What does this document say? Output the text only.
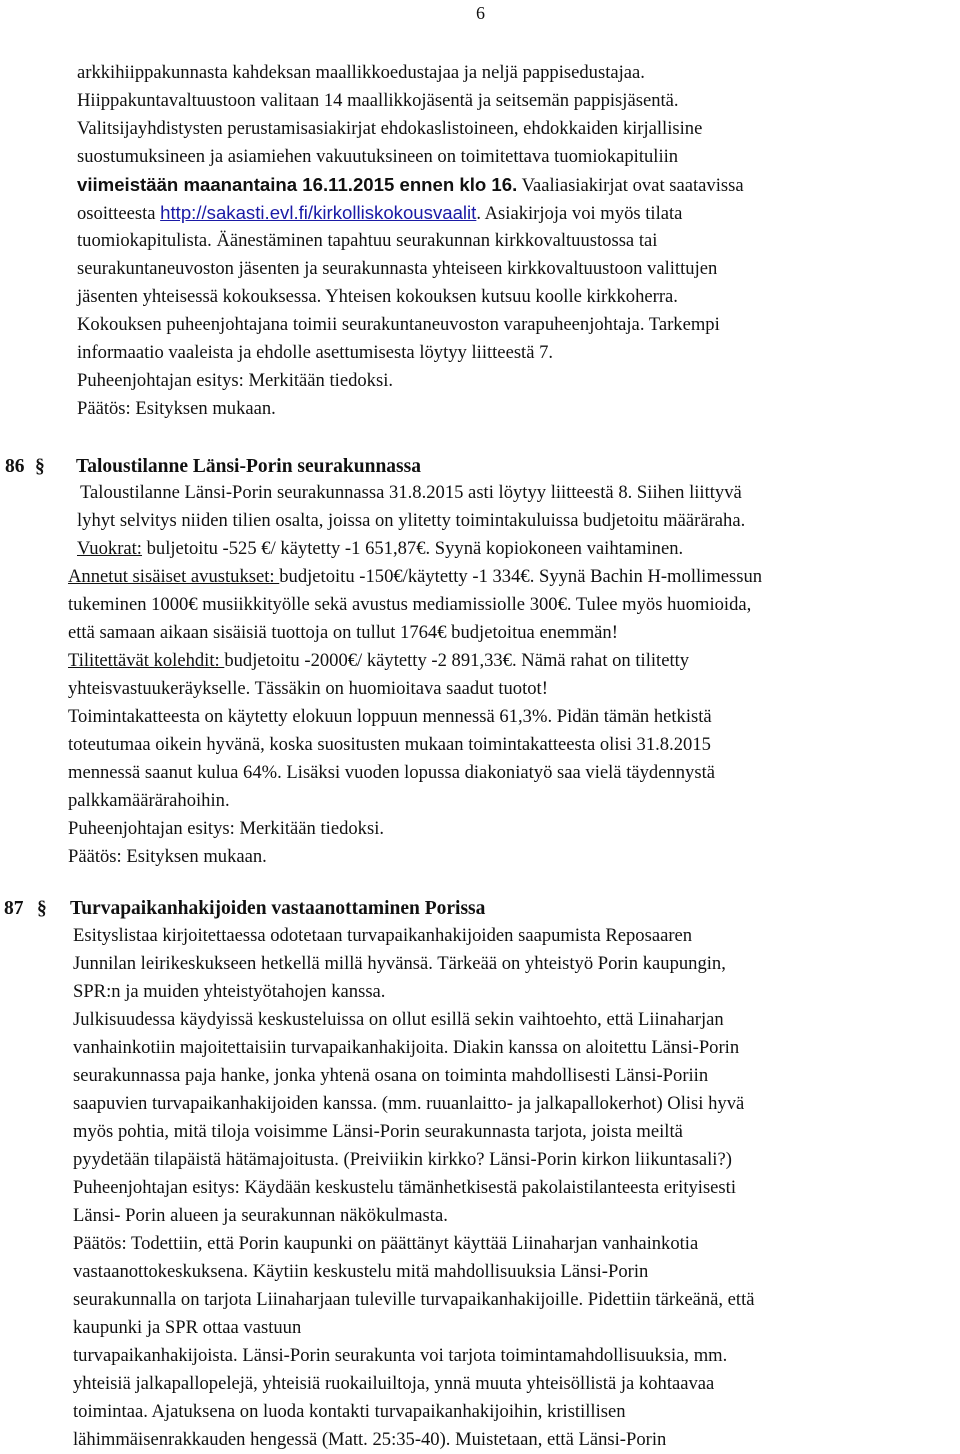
6
arkkihiippakunnasta kahdeksan maallikkoedustajaa ja neljä pappisedustajaa.
Hiippakuntavaltuustoon valitaan 14 maallikkojäsentä ja seitsemän pappisjäsentä.
Valitsijayhdistysten perustamisasiakirjat ehdokaslistoineen, ehdokkaiden kirjallisine
suostumuksineen ja asiamiehen vakuutuksineen on toimitettava tuomiokapituliin
viimeistään maanantaina 16.11.2015 ennen klo 16. Vaaliasiakirjat ovat saatavissa
osoitteesta http://sakasti.evl.fi/kirkolliskokousvaalit. Asiakirjoja voi myös tilata
tuomiokapitulista. Äänestäminen tapahtuu seurakunnan kirkkovaltuustossa tai
seurakuntaneuvoston jäsenten ja seurakunnasta yhteiseen kirkkovaltuustoon valittujen
jäsenten yhteisessä kokouksessa. Yhteisen kokouksen kutsuu koolle kirkkoherra.
Kokouksen puheenjohtajana toimii seurakuntaneuvoston varapuheenjohtaja. Tarkempi
informaatio vaaleista ja ehdolle asettumisesta löytyy liitteestä 7.
Puheenjohtajan esitys: Merkitään tiedoksi.
Päätös: Esityksen mukaan.
86 § Taloustilanne Länsi-Porin seurakunnassa
Taloustilanne Länsi-Porin seurakunnassa 31.8.2015 asti löytyy liitteestä 8. Siihen liittyvä
lyhyt selvitys niiden tilien osalta, joissa on ylitetty toimintakuluissa budjetoitu määräraha.
Vuokrat: buljetoitu -525 €/ käytetty -1 651,87€. Syynä kopiokoneen vaihtaminen.
Annetut sisäiset avustukset: budjetoitu -150€/käytetty -1 334€. Syynä Bachin H-mollimessun
tukeminen 1000€ musiikkityölle sekä avustus mediamissiolle 300€. Tulee myös huomioida,
että samaan aikaan sisäisiä tuottoja on tullut 1764€ budjetoitua enemmän!
Tilitettävät kolehdit: budjetoitu -2000€/ käytetty -2 891,33€. Nämä rahat on tilitetty
yhteisvastuukeräykselle. Tässäkin on huomioitava saadut tuotot!
Toimintakatteesta on käytetty elokuun loppuun mennessä 61,3%. Pidän tämän hetkistä
toteutumaa oikein hyvänä, koska suositusten mukaan toimintakatteesta olisi 31.8.2015
mennessä saanut kulua 64%. Lisäksi vuoden lopussa diakoniatyö saa vielä täydennystä
palkkamäärärahoihin.
Puheenjohtajan esitys: Merkitään tiedoksi.
Päätös: Esityksen mukaan.
87 § Turvapaikanhakijoiden vastaanottaminen Porissa
Esityslistaa kirjoitettaessa odotetaan turvapaikanhakijoiden saapumista Reposaaren
Junnilan leirikeskukseen hetkellä millä hyvänsä. Tärkeää on yhteistyö Porin kaupungin,
SPR:n ja muiden yhteistyötahojen kanssa.
Julkisuudessa käydyissä keskusteluissa on ollut esillä sekin vaihtoehto, että Liinaharjan
vanhainkotiin majoitettaisiin turvapaikanhakijoita. Diakin kanssa on aloitettu Länsi-Porin
seurakunnassa paja hanke, jonka yhtenä osana on toiminta mahdollisesti Länsi-Poriin
saapuvien turvapaikanhakijoiden kanssa. (mm. ruuanlaitto- ja jalkapallokerhot) Olisi hyvä
myös pohtia, mitä tiloja voisimme Länsi-Porin seurakunnasta tarjota, joista meiltä
pyydetään tilapäistä hätämajoitusta. (Preiviikin kirkko? Länsi-Porin kirkon liikuntasali?)
Puheenjohtajan esitys: Käydään keskustelu tämänhetkisestä pakolaistilanteesta erityisesti
Länsi- Porin alueen ja seurakunnan näkökulmasta.
Päätös: Todettiin, että Porin kaupunki on päättänyt käyttää Liinaharjan vanhainkotia
vastaanottokeskuksena. Käytiin keskustelu mitä mahdollisuuksia Länsi-Porin
seurakunnalla on tarjota Liinaharjaan tuleville turvapaikanhakijoille. Pidettiin tärkeänä, että
kaupunki ja SPR ottaa vastuun
turvapaikanhakijoista. Länsi-Porin seurakunta voi tarjota toimintamahdollisuuksia, mm.
yhteisiä jalkapallopelejä, yhteisiä ruokailuiltoja, ynnä muuta yhteisöllistä ja kohtaavaa
toimintaa. Ajatuksena on luoda kontakti turvapaikanhakijoihin, kristillisen
lähimmäisenrakkauden hengessä (Matt. 25:35-40). Muistetaan, että Länsi-Porin
